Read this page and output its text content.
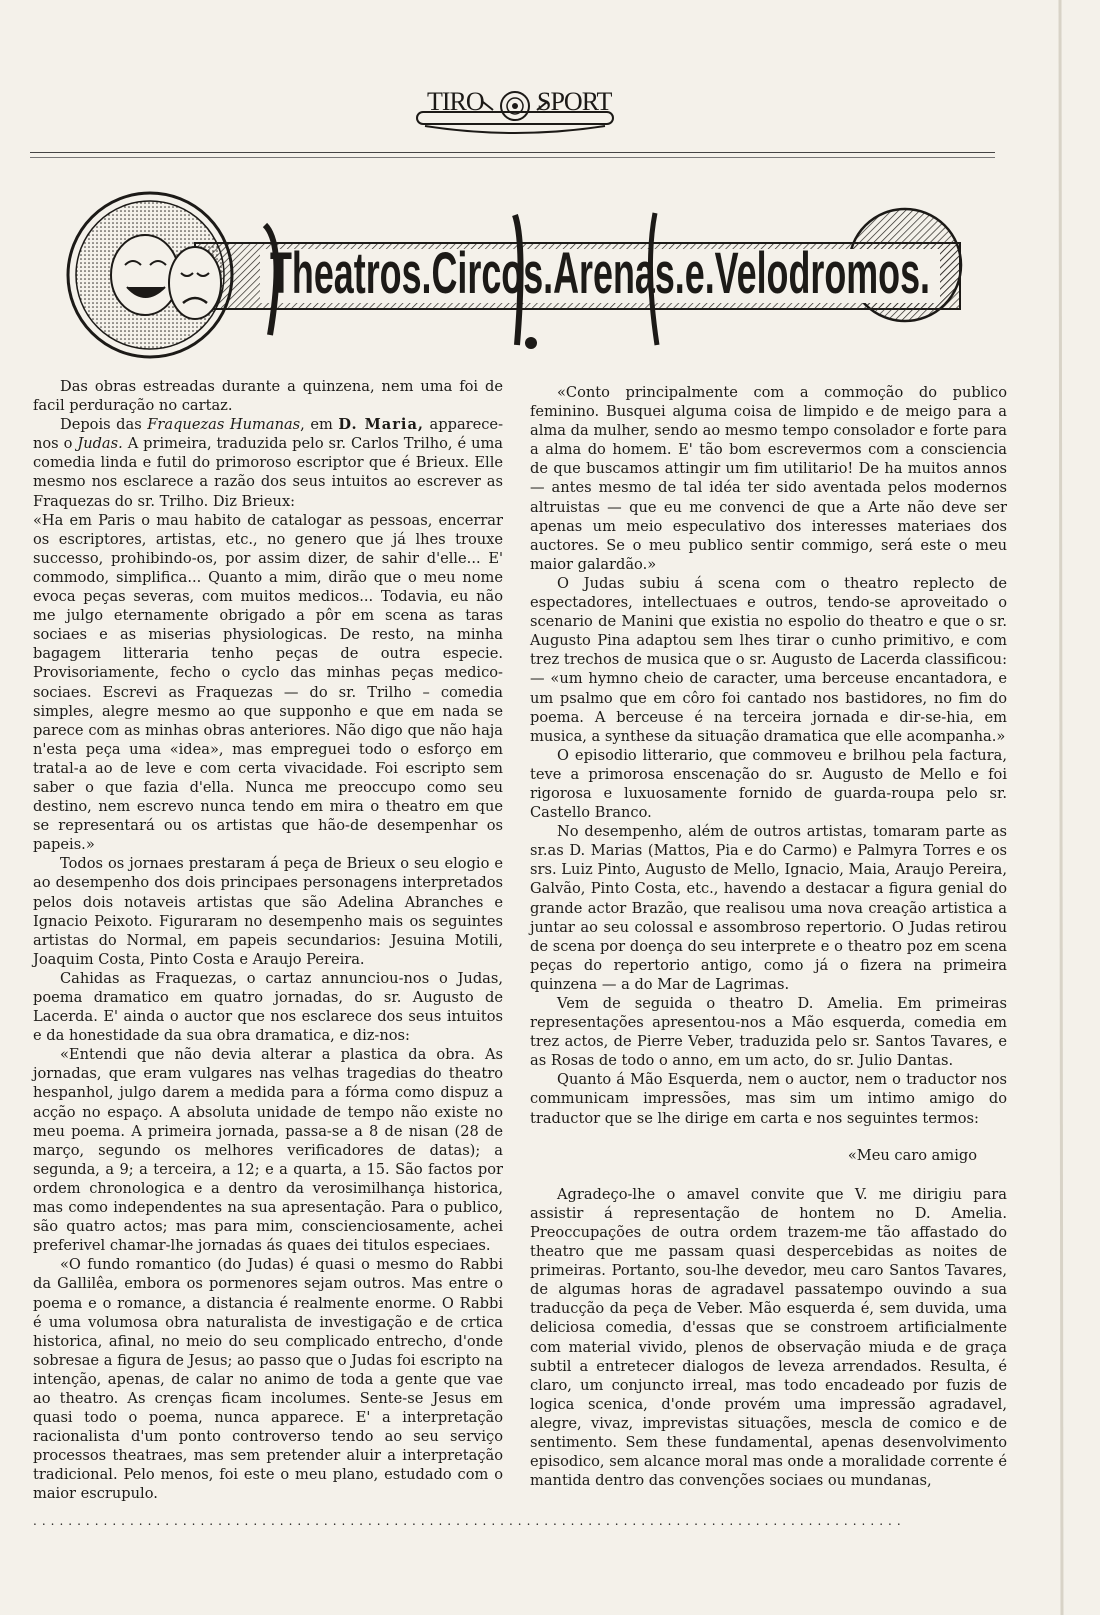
TIRO SPORT
Theatros.Circos.Arenas.e.Velodromos.

Das obras estreadas durante a quinzena, nem uma foi de facil perduração no cartaz.

Depois das Fraquezas Humanas, em D. Maria, apparece-nos o Judas. A primeira, traduzida pelo sr. Carlos Trilho, é uma comedia linda e futil do primoroso escriptor que é Brieux. Elle mesmo nos esclarece a razão dos seus intuitos ao escrever as Fraquezas do sr. Trilho. Diz Brieux:

«Ha em Paris o mau habito de catalogar as pessoas, encerrar os escriptores, artistas, etc., no genero que já lhes trouxe successo, prohibindo-os, por assim dizer, de sahir d'elle... E' commodo, simplifica... Quanto a mim, dirão que o meu nome evoca peças severas, com muitos medicos... Todavia, eu não me julgo eternamente obrigado a pôr em scena as taras sociaes e as miserias physiologicas. De resto, na minha bagagem litteraria tenho peças de outra especie. Provisoriamente, fecho o cyclo das minhas peças medico-sociaes. Escrevi as Fraquezas — do sr. Trilho – comedia simples, alegre mesmo ao que supponho e que em nada se parece com as minhas obras anteriores. Não digo que não haja n'esta peça uma «idea», mas empreguei todo o esforço em tratal-a ao de leve e com certa vivacidade. Foi escripto sem saber o que fazia d'ella. Nunca me preoccupo como seu destino, nem escrevo nunca tendo em mira o theatro em que se representará ou os artistas que hão-de desempenhar os papeis.»

Todos os jornaes prestaram á peça de Brieux o seu elogio e ao desempenho dos dois principaes personagens interpretados pelos dois notaveis artistas que são Adelina Abranches e Ignacio Peixoto. Figuraram no desempenho mais os seguintes artistas do Normal, em papeis secundarios: Jesuina Motili, Joaquim Costa, Pinto Costa e Araujo Pereira.

Cahidas as Fraquezas, o cartaz annunciou-nos o Judas, poema dramatico em quatro jornadas, do sr. Augusto de Lacerda. E' ainda o auctor que nos esclarece dos seus intuitos e da honestidade da sua obra dramatica, e diz-nos:

«Entendi que não devia alterar a plastica da obra. As jornadas, que eram vulgares nas velhas tragedias do theatro hespanhol, julgo darem a medida para a fórma como dispuz a acção no espaço. A absoluta unidade de tempo não existe no meu poema. A primeira jornada, passa-se a 8 de nisan (28 de março, segundo os melhores verificadores de datas); a segunda, a 9; a terceira, a 12; e a quarta, a 15. São factos por ordem chronologica e a dentro da verosimilhança historica, mas como independentes na sua apresentação. Para o publico, são quatro actos; mas para mim, conscienciosamente, achei preferivel chamar-lhe jornadas ás quaes dei titulos especiaes.

«O fundo romantico (do Judas) é quasi o mesmo do Rabbi da Gallilêa, embora os pormenores sejam outros. Mas entre o poema e o romance, a distancia é realmente enorme. O Rabbi é uma volumosa obra naturalista de investigação e de crtica historica, afinal, no meio do seu complicado entrecho, d'onde sobresae a figura de Jesus; ao passo que o Judas foi escripto na intenção, apenas, de calar no animo de toda a gente que vae ao theatro. As crenças ficam incolumes. Sente-se Jesus em quasi todo o poema, nunca apparece. E' a interpretação racionalista d'um ponto controverso tendo ao seu serviço processos theatraes, mas sem pretender aluir a interpretação tradicional. Pelo menos, foi este o meu plano, estudado com o maior escrupulo.

...................................................................................................

«Conto principalmente com a commoção do publico feminino. Busquei alguma coisa de limpido e de meigo para a alma da mulher, sendo ao mesmo tempo consolador e forte para a alma do homem. E' tão bom escrevermos com a consciencia de que buscamos attingir um fim utilitario! De ha muitos annos — antes mesmo de tal idéa ter sido aventada pelos modernos altruistas — que eu me convenci de que a Arte não deve ser apenas um meio especulativo dos interesses materiaes dos auctores. Se o meu publico sentir commigo, será este o meu maior galardão.»

O Judas subiu á scena com o theatro replecto de espectadores, intellectuaes e outros, tendo-se aproveitado o scenario de Manini que existia no espolio do theatro e que o sr. Augusto Pina adaptou sem lhes tirar o cunho primitivo, e com trez trechos de musica que o sr. Augusto de Lacerda classificou: — «um hymno cheio de caracter, uma berceuse encantadora, e um psalmo que em côro foi cantado nos bastidores, no fim do poema. A berceuse é na terceira jornada e dir-se-hia, em musica, a synthese da situação dramatica que elle acompanha.»

O episodio litterario, que commoveu e brilhou pela factura, teve a primorosa enscenação do sr. Augusto de Mello e foi rigorosa e luxuosamente fornido de guarda-roupa pelo sr. Castello Branco.

No desempenho, além de outros artistas, tomaram parte as sr.as D. Marias (Mattos, Pia e do Carmo) e Palmyra Torres e os srs. Luiz Pinto, Augusto de Mello, Ignacio, Maia, Araujo Pereira, Galvão, Pinto Costa, etc., havendo a destacar a figura genial do grande actor Brazão, que realisou uma nova creação artistica a juntar ao seu colossal e assombroso repertorio. O Judas retirou de scena por doença do seu interprete e o theatro poz em scena peças do repertorio antigo, como já o fizera na primeira quinzena — a do Mar de Lagrimas.

Vem de seguida o theatro D. Amelia. Em primeiras representações apresentou-nos a Mão esquerda, comedia em trez actos, de Pierre Veber, traduzida pelo sr. Santos Tavares, e as Rosas de todo o anno, em um acto, do sr. Julio Dantas.

Quanto á Mão Esquerda, nem o auctor, nem o traductor nos communicam impressões, mas sim um intimo amigo do traductor que se lhe dirige em carta e nos seguintes termos:

«Meu caro amigo

Agradeço-lhe o amavel convite que V. me dirigiu para assistir á representação de hontem no D. Amelia. Preoccupações de outra ordem trazem-me tão affastado do theatro que me passam quasi despercebidas as noites de primeiras. Portanto, sou-lhe devedor, meu caro Santos Tavares, de algumas horas de agradavel passatempo ouvindo a sua traducção da peça de Veber. Mão esquerda é, sem duvida, uma deliciosa comedia, d'essas que se constroem artificialmente com material vivido, plenos de observação miuda e de graça subtil a entretecer dialogos de leveza arrendados. Resulta, é claro, um conjuncto irreal, mas todo encadeado por fuzis de logica scenica, d'onde provém uma impressão agradavel, alegre, vivaz, imprevistas situações, mescla de comico e de sentimento. Sem these fundamental, apenas desenvolvimento episodico, sem alcance moral mas onde a moralidade corrente é mantida dentro das convenções sociaes ou mundanas,
